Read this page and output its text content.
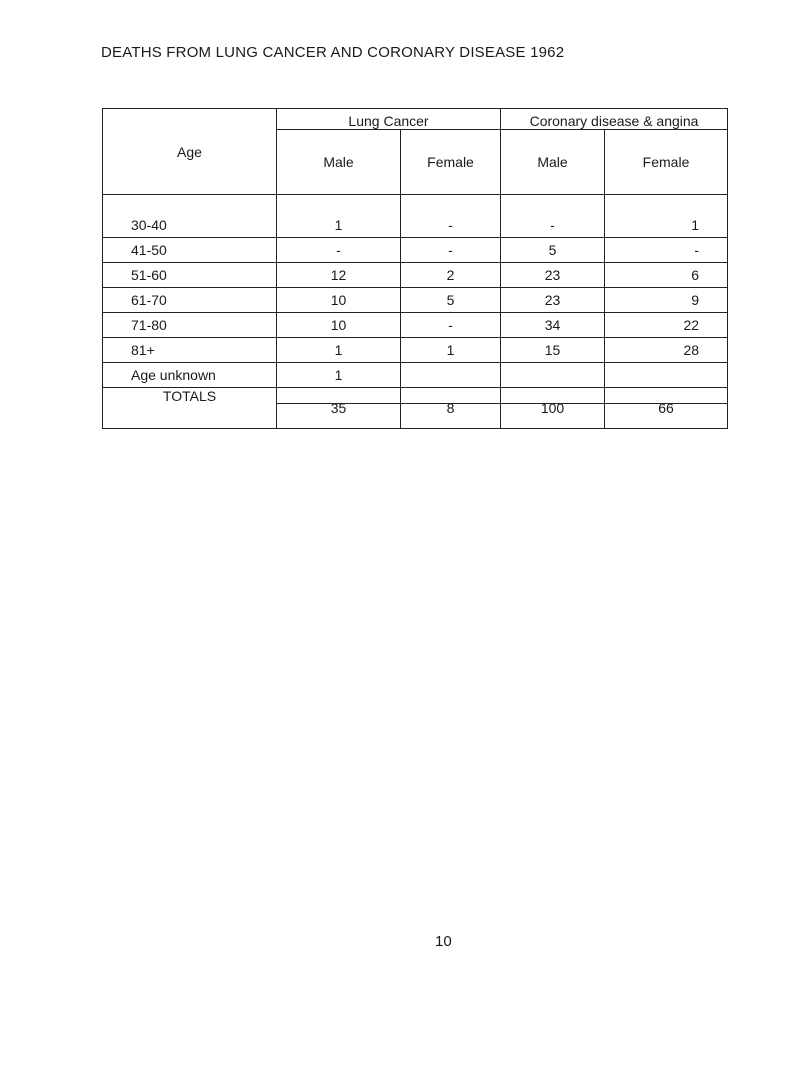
DEATHS FROM LUNG CANCER AND CORONARY DISEASE 1962
Age	Lung Cancer		Coronary disease & angina	
	Male	Female	Male	Female
30-40	1	-	-	1
41-50	-	-	5	-
51-60	12	2	23	6
61-70	10	5	23	9
71-80	10	-	34	22
81+	1	1	15	28
Age unknown	1			
TOTALS	35	8	100	66
10
